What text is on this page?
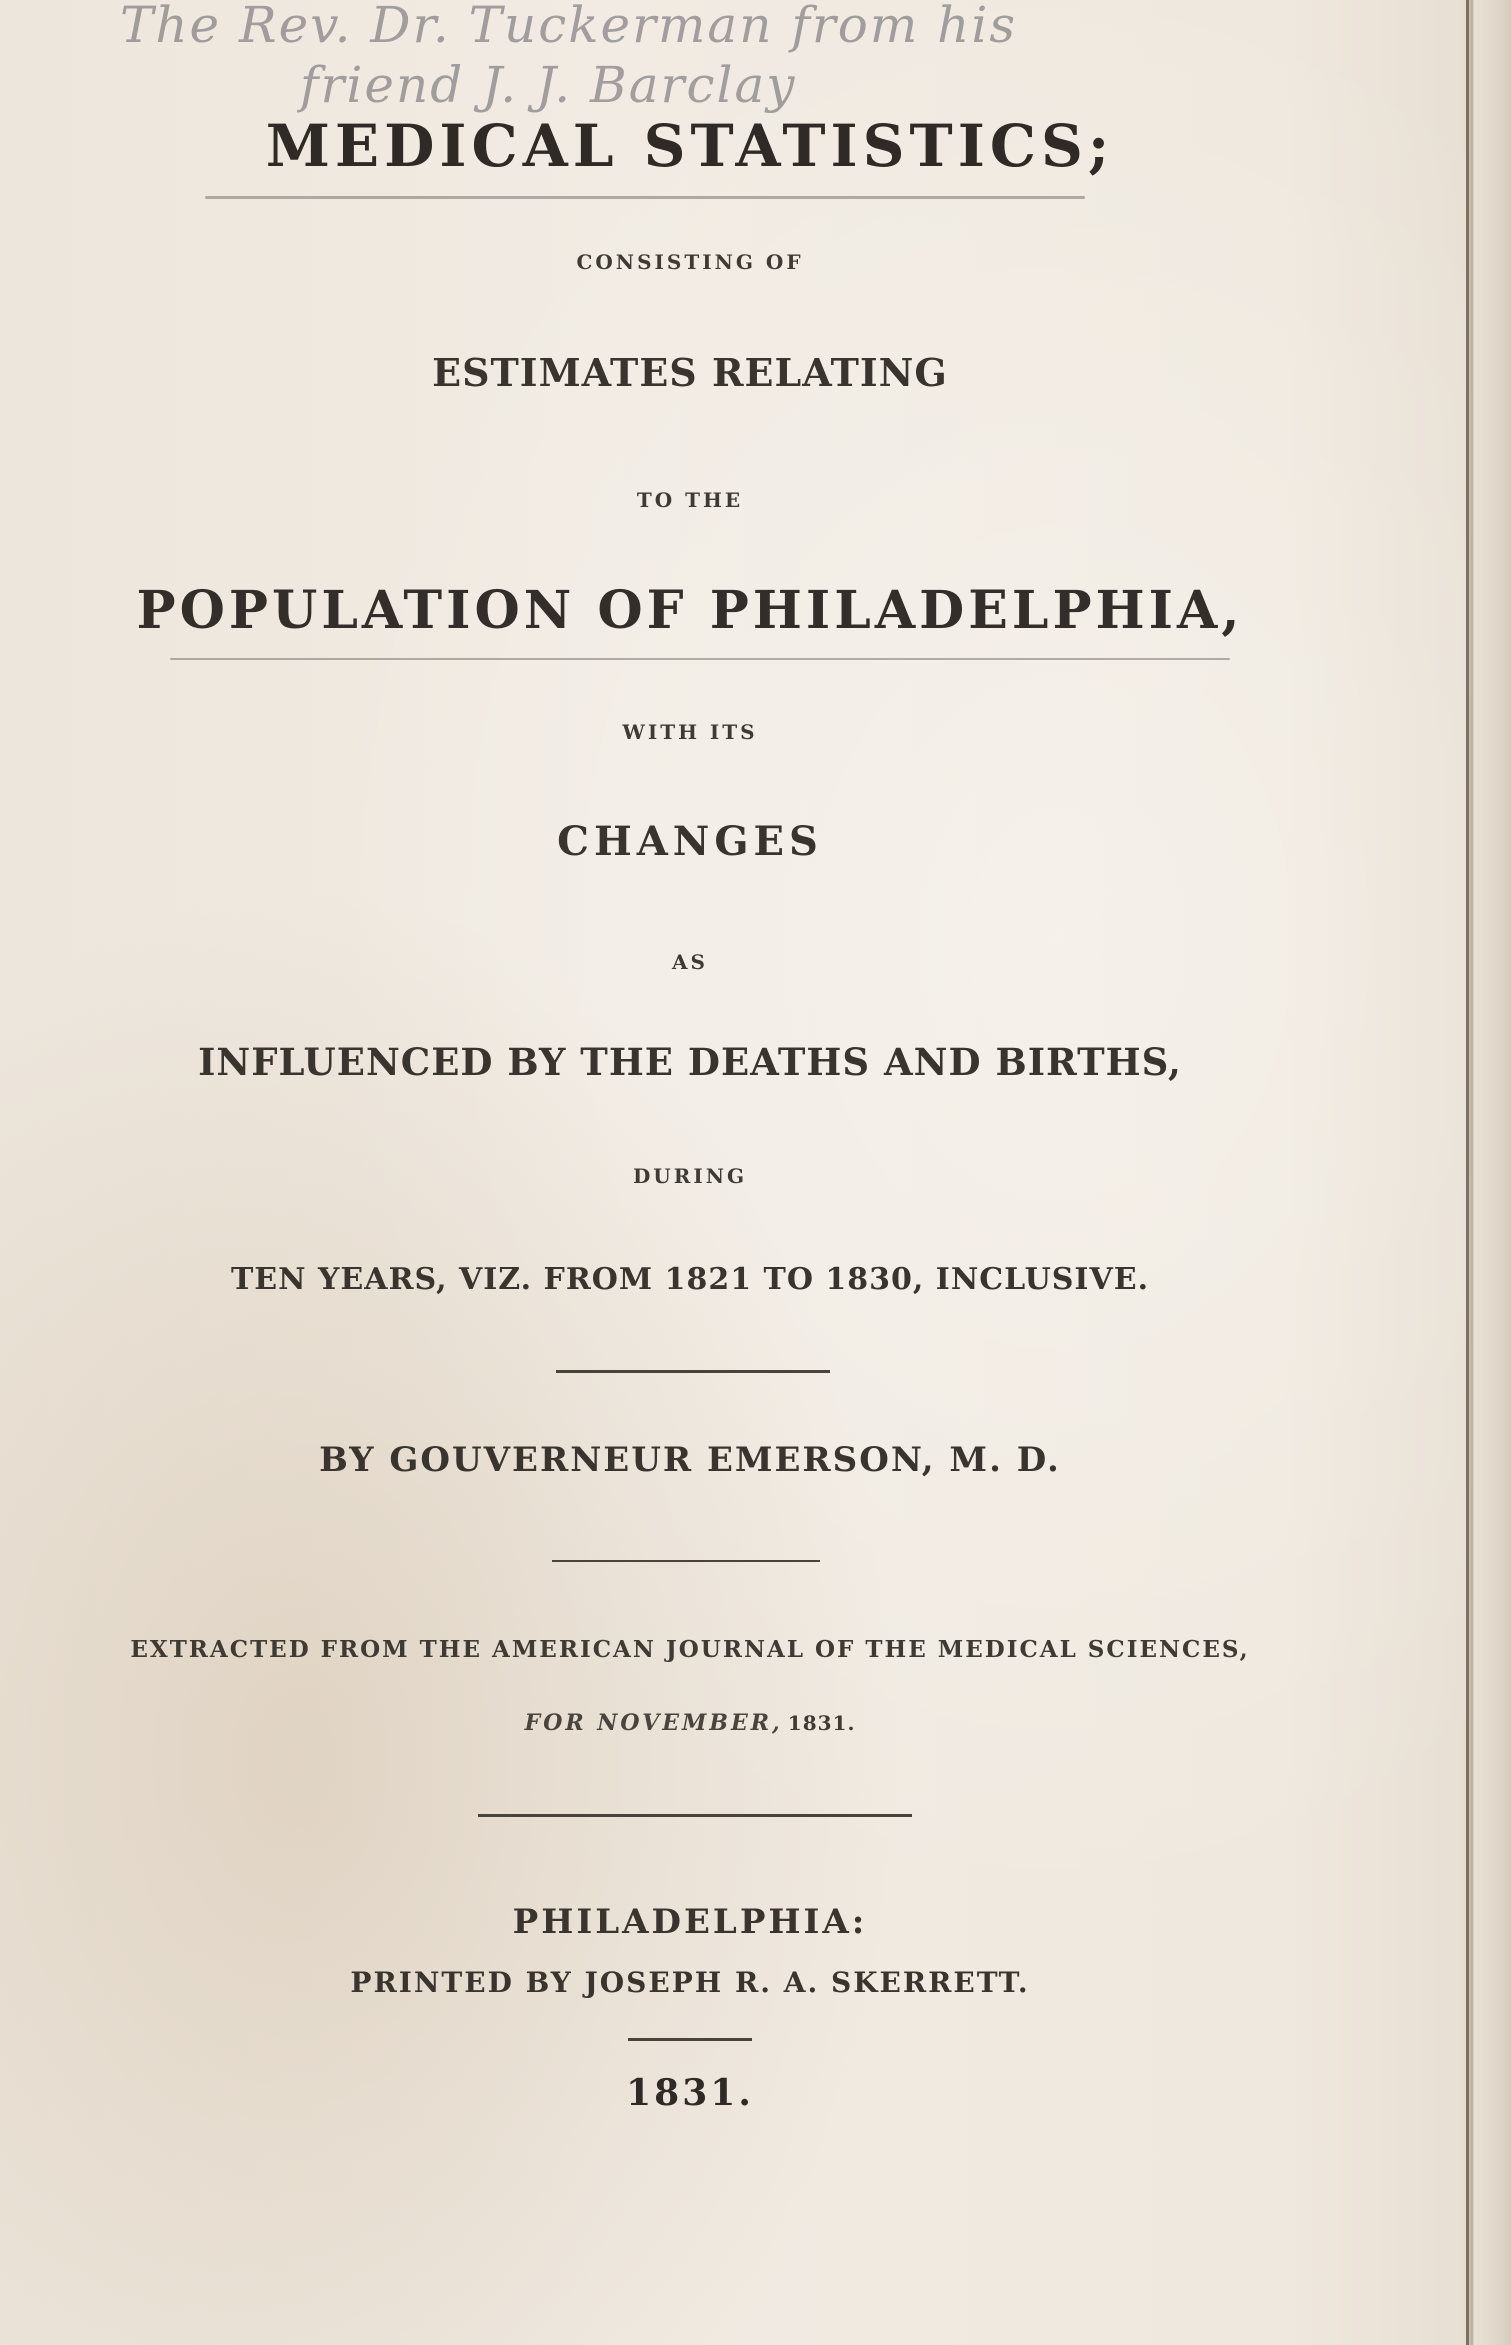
The Rev. Dr. Tuckerman from his
friend J. J. Barclay
MEDICAL STATISTICS;
CONSISTING OF
ESTIMATES RELATING
TO THE
POPULATION OF PHILADELPHIA,
WITH ITS
CHANGES
AS
INFLUENCED BY THE DEATHS AND BIRTHS,
DURING
TEN YEARS, VIZ. FROM 1821 TO 1830, INCLUSIVE.
BY GOUVERNEUR EMERSON, M. D.
EXTRACTED FROM THE AMERICAN JOURNAL OF THE MEDICAL SCIENCES,
FOR NOVEMBER, 1831.
PHILADELPHIA:
PRINTED BY JOSEPH R. A. SKERRETT.
1831.
